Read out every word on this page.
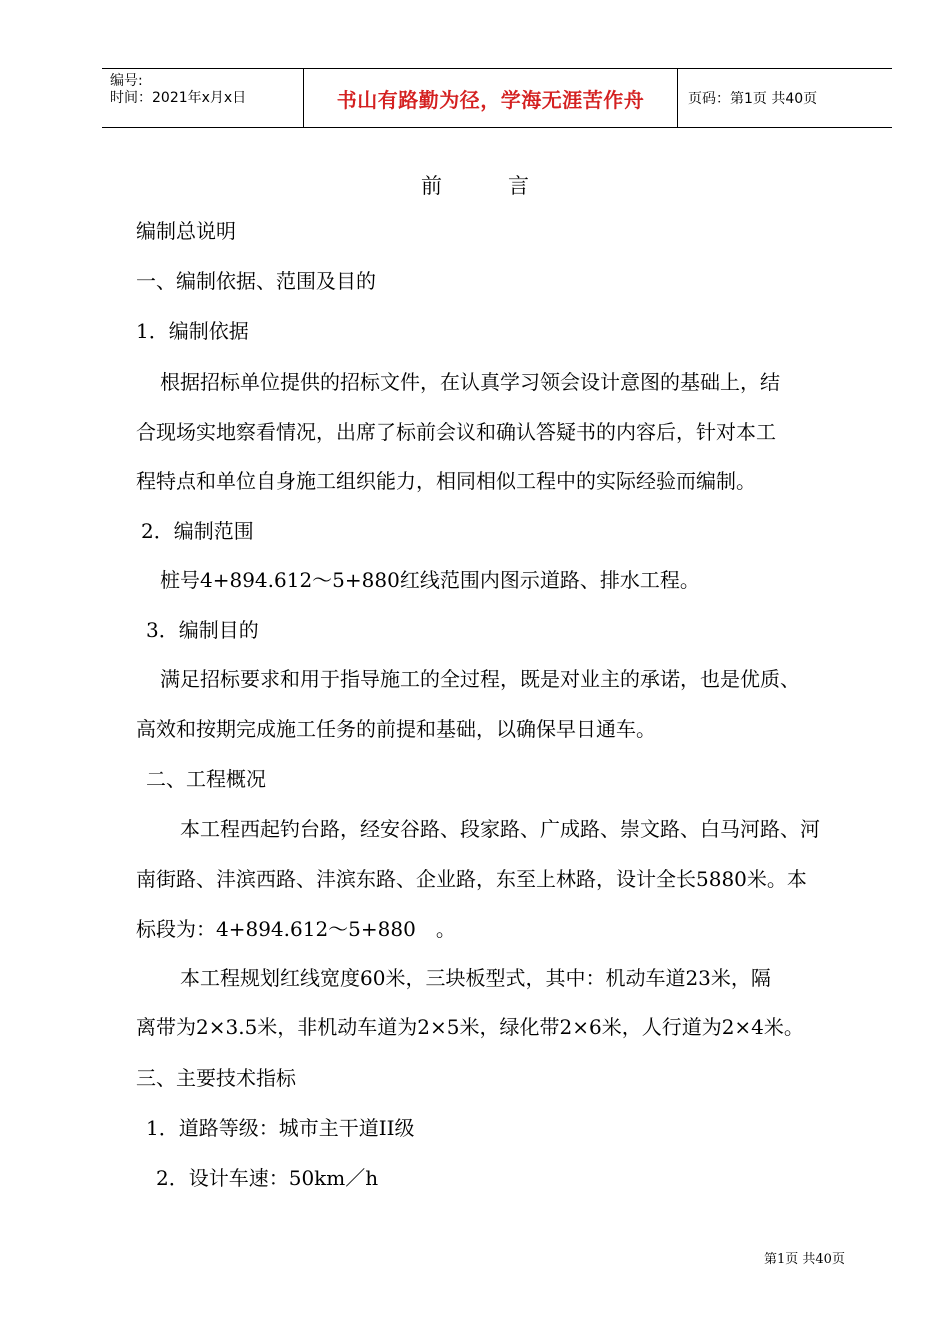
编号:
时间：2021年x月x日	书山有路勤为径，学海无涯苦作舟	页码：第1页 共40页
前	言
编制总说明
一、编制依据、范围及目的
1．编制依据
根据招标单位提供的招标文件，在认真学习领会设计意图的基础上，结
合现场实地察看情况，出席了标前会议和确认答疑书的内容后，针对本工
程特点和单位自身施工组织能力，相同相似工程中的实际经验而编制。
2．编制范围
桩号4+894.612～5+880红线范围内图示道路、排水工程。
3．编制目的
满足招标要求和用于指导施工的全过程，既是对业主的承诺，也是优质、
高效和按期完成施工任务的前提和基础，以确保早日通车。
二、工程概况
本工程西起钓台路，经安谷路、段家路、广成路、崇文路、白马河路、河
南街路、沣滨西路、沣滨东路、企业路，东至上林路，设计全长5880米。本
标段为：4+894.612～5+880　。
本工程规划红线宽度60米，三块板型式，其中：机动车道23米，隔
离带为2×3.5米，非机动车道为2×5米，绿化带2×6米，人行道为2×4米。
三、主要技术指标
1．道路等级：城市主干道II级
2．设计车速：50km／h
第1页 共40页
